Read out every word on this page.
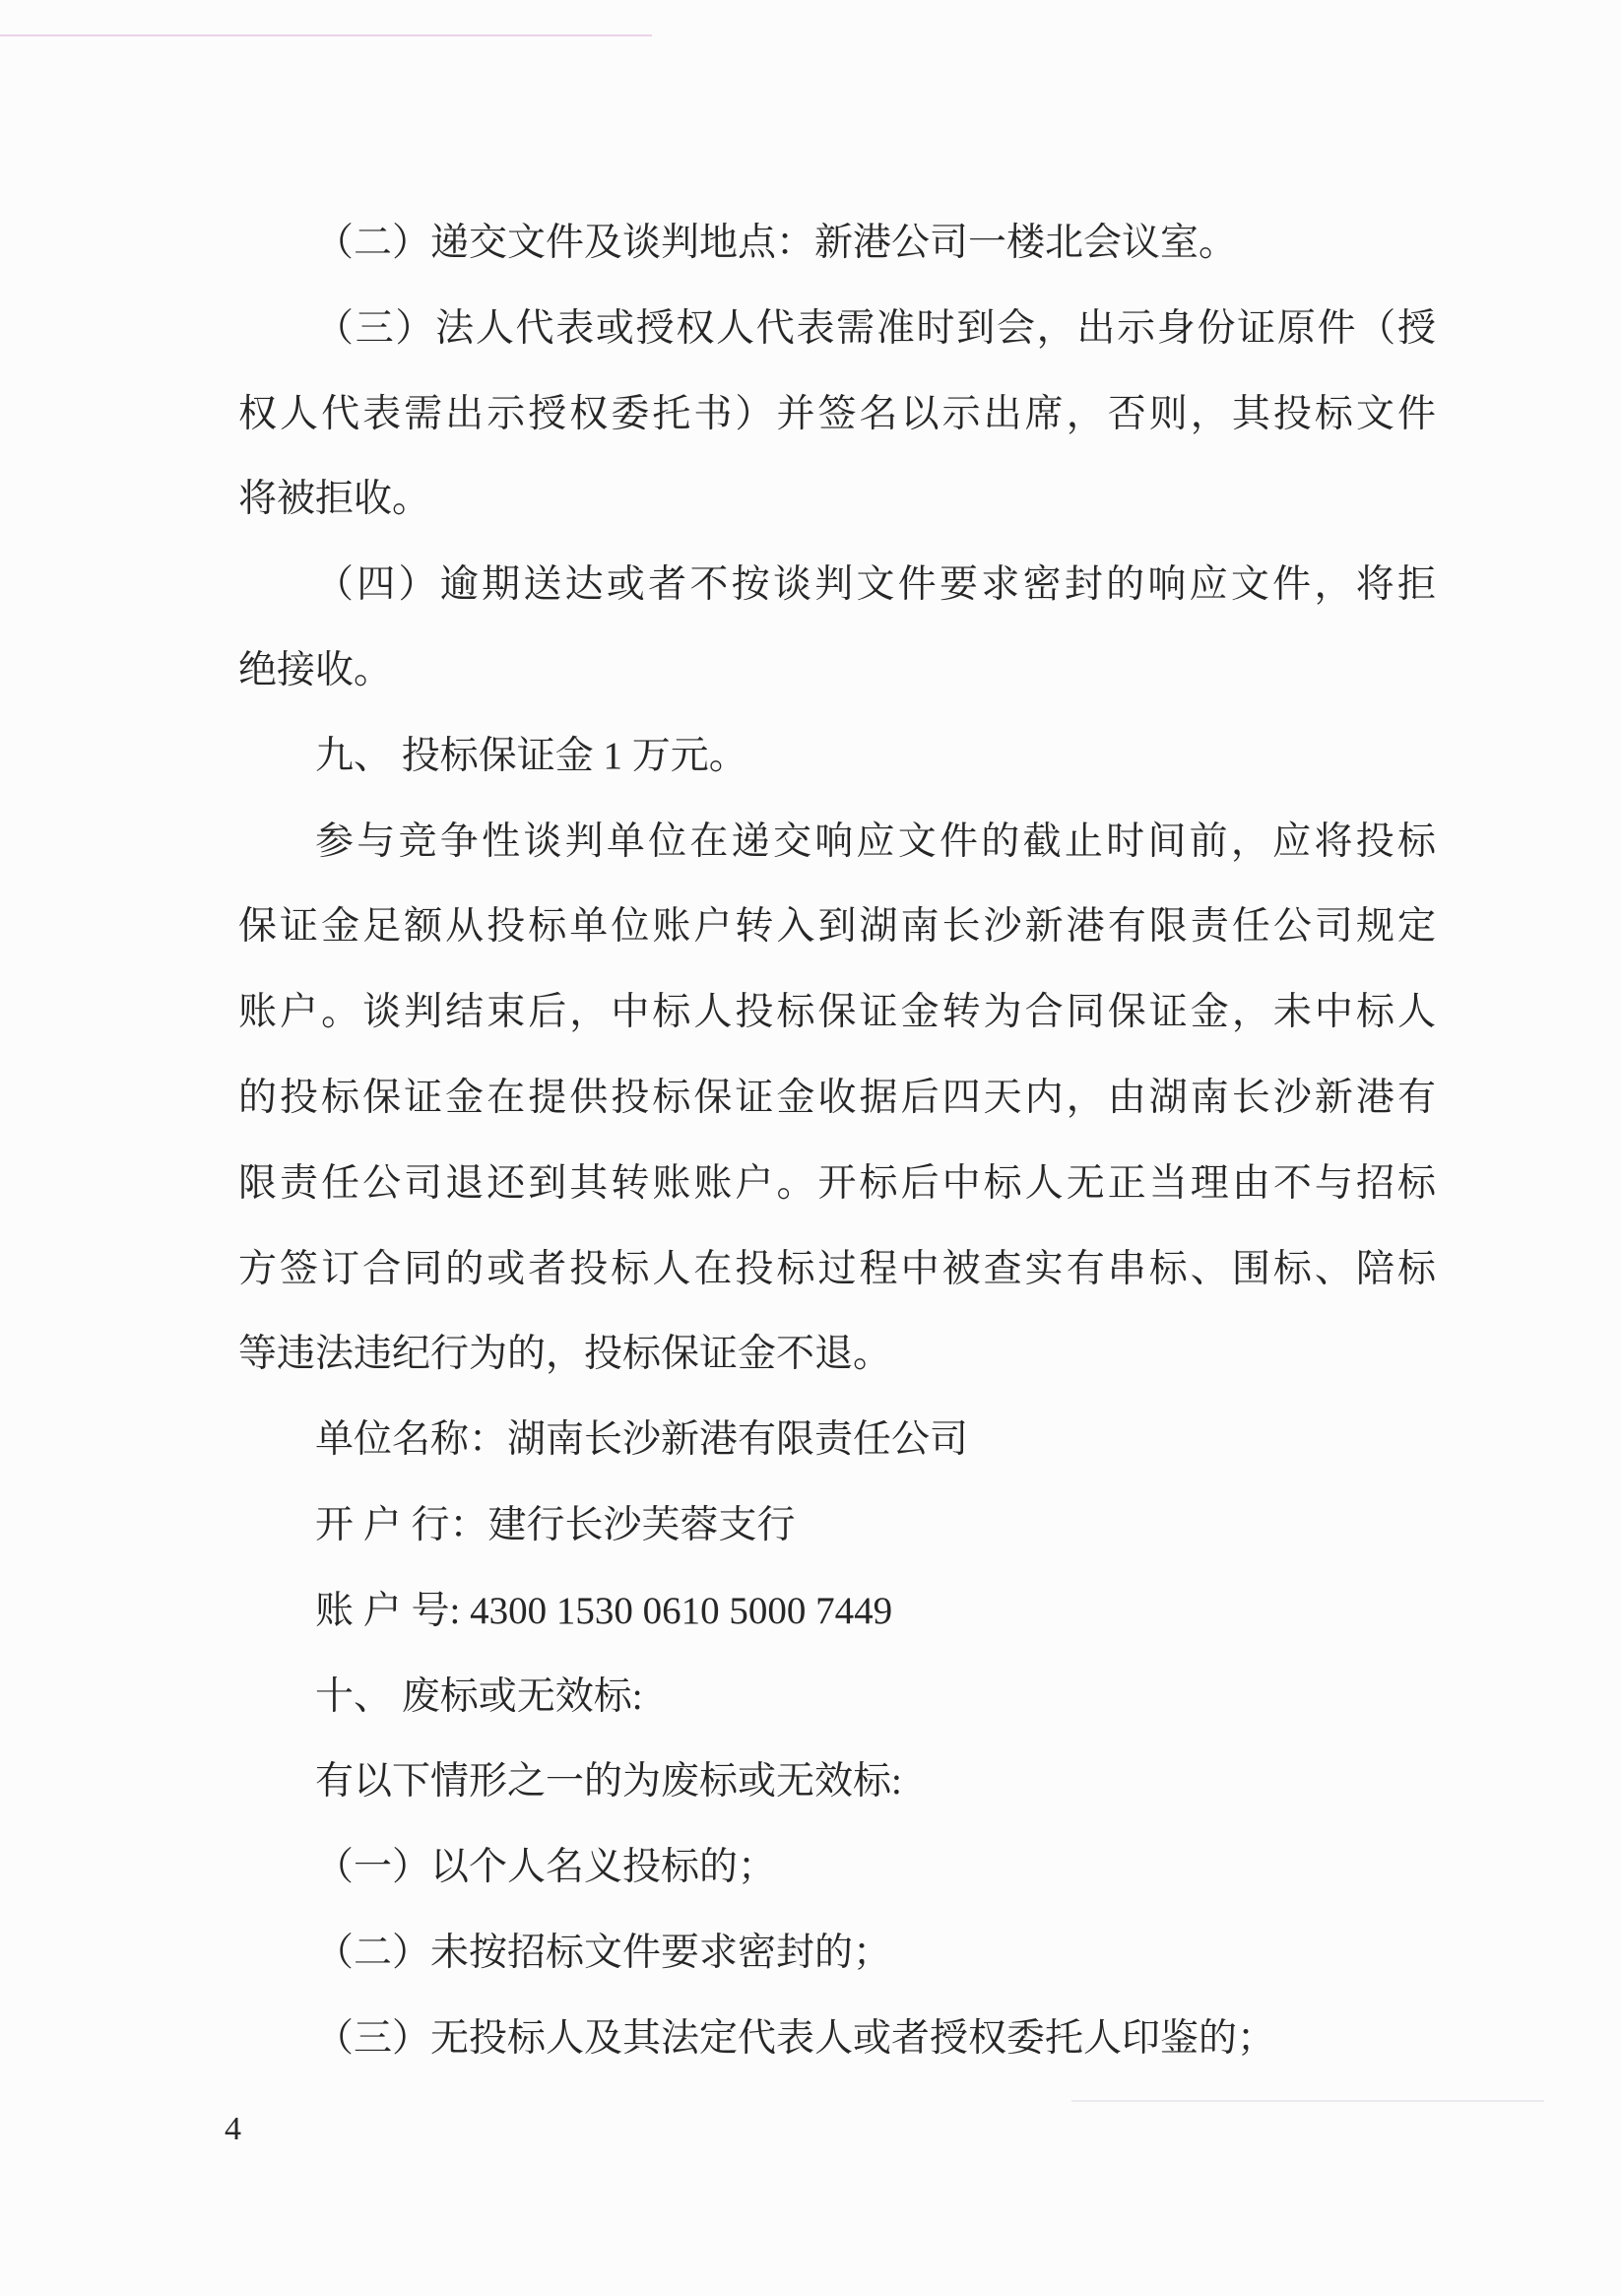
（二）递交文件及谈判地点：新港公司一楼北会议室。
（三）法人代表或授权人代表需准时到会，出示身份证原件（授
权人代表需出示授权委托书）并签名以示出席，否则，其投标文件
将被拒收。
（四）逾期送达或者不按谈判文件要求密封的响应文件，将拒
绝接收。
九、 投标保证金 1 万元。
参与竞争性谈判单位在递交响应文件的截止时间前，应将投标
保证金足额从投标单位账户转入到湖南长沙新港有限责任公司规定
账户。谈判结束后，中标人投标保证金转为合同保证金，未中标人
的投标保证金在提供投标保证金收据后四天内，由湖南长沙新港有
限责任公司退还到其转账账户。开标后中标人无正当理由不与招标
方签订合同的或者投标人在投标过程中被查实有串标、围标、陪标
等违法违纪行为的，投标保证金不退。
单位名称：湖南长沙新港有限责任公司
开 户 行：建行长沙芙蓉支行
账 户 号: 4300 1530 0610 5000 7449
十、 废标或无效标:
有以下情形之一的为废标或无效标:
（一）以个人名义投标的；
（二）未按招标文件要求密封的；
（三）无投标人及其法定代表人或者授权委托人印鉴的；
4
